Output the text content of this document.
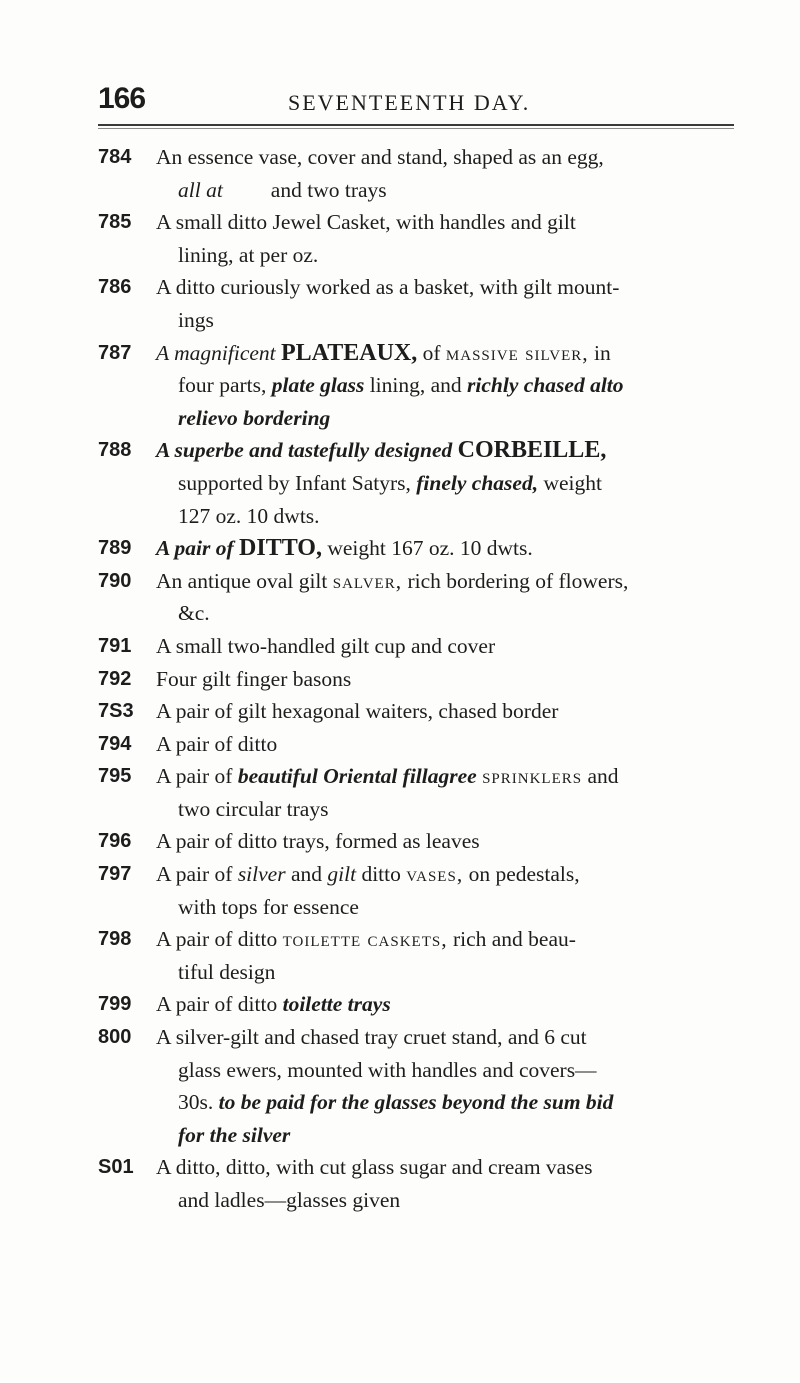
166	SEVENTEENTH DAY.
784 An essence vase, cover and stand, shaped as an egg,
all at and two trays
785 A small ditto Jewel Casket, with handles and gilt
lining, at per oz.
786 A ditto curiously worked as a basket, with gilt mount-
ings
787 A magnificent PLATEAUX, of massive silver, in
four parts, plate glass lining, and richly chased alto
relievo bordering
788 A superbe and tastefully designed CORBEILLE,
supported by Infant Satyrs, finely chased, weight
127 oz. 10 dwts.
789 A pair of DITTO, weight 167 oz. 10 dwts.
790 An antique oval gilt salver, rich bordering of flowers,
&c.
791 A small two-handled gilt cup and cover
792 Four gilt finger basons
7S3 A pair of gilt hexagonal waiters, chased border
794 A pair of ditto
795 A pair of beautiful Oriental fillagree sprinklers and
two circular trays
796 A pair of ditto trays, formed as leaves
797 A pair of silver and gilt ditto vases, on pedestals,
with tops for essence
798 A pair of ditto toilette caskets, rich and beau-
tiful design
799 A pair of ditto toilette trays
800 A silver-gilt and chased tray cruet stand, and 6 cut
glass ewers, mounted with handles and covers—
30s. to be paid for the glasses beyond the sum bid
for the silver
S01 A ditto, ditto, with cut glass sugar and cream vases
and ladles—glasses given
